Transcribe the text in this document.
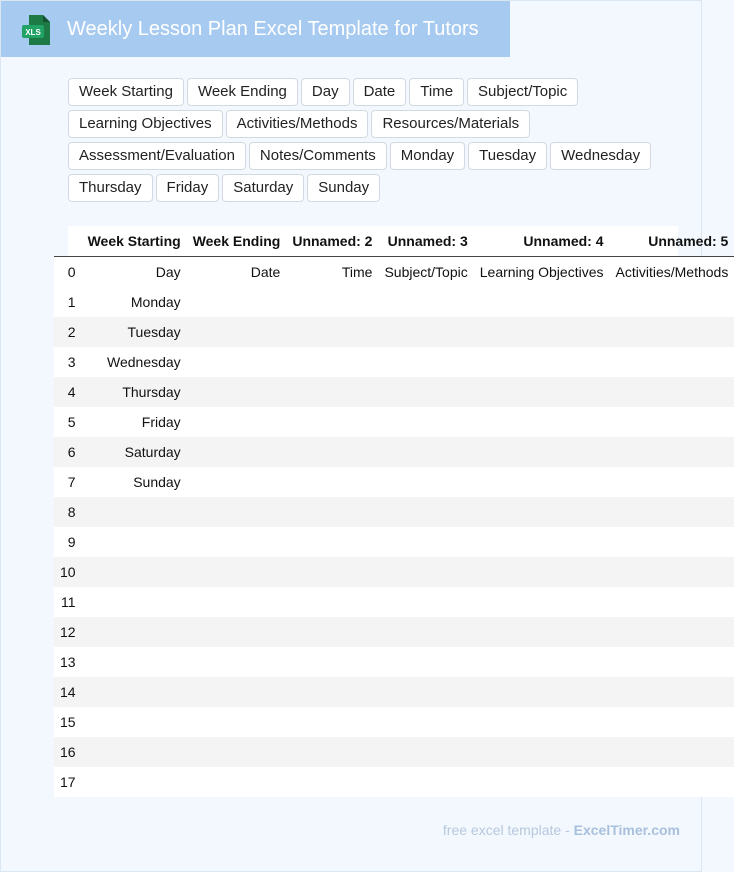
XLS Weekly Lesson Plan Excel Template for Tutors
Week Starting	Week Ending	Day	Date	Time	Subject/Topic
Learning Objectives	Activities/Methods	Resources/Materials
Assessment/Evaluation	Notes/Comments	Monday	Tuesday	Wednesday
Thursday	Friday	Saturday	Sunday
	Week Starting	Week Ending	Unnamed: 2	Unnamed: 3	Unnamed: 4	Unnamed: 5
0	Day	Date	Time	Subject/Topic	Learning Objectives	Activities/Methods
1	Monday					
2	Tuesday					
3	Wednesday					
4	Thursday					
5	Friday					
6	Saturday					
7	Sunday					
8						
9						
10						
11						
12						
13						
14						
15						
16						
17						
free excel template - ExcelTimer.com
